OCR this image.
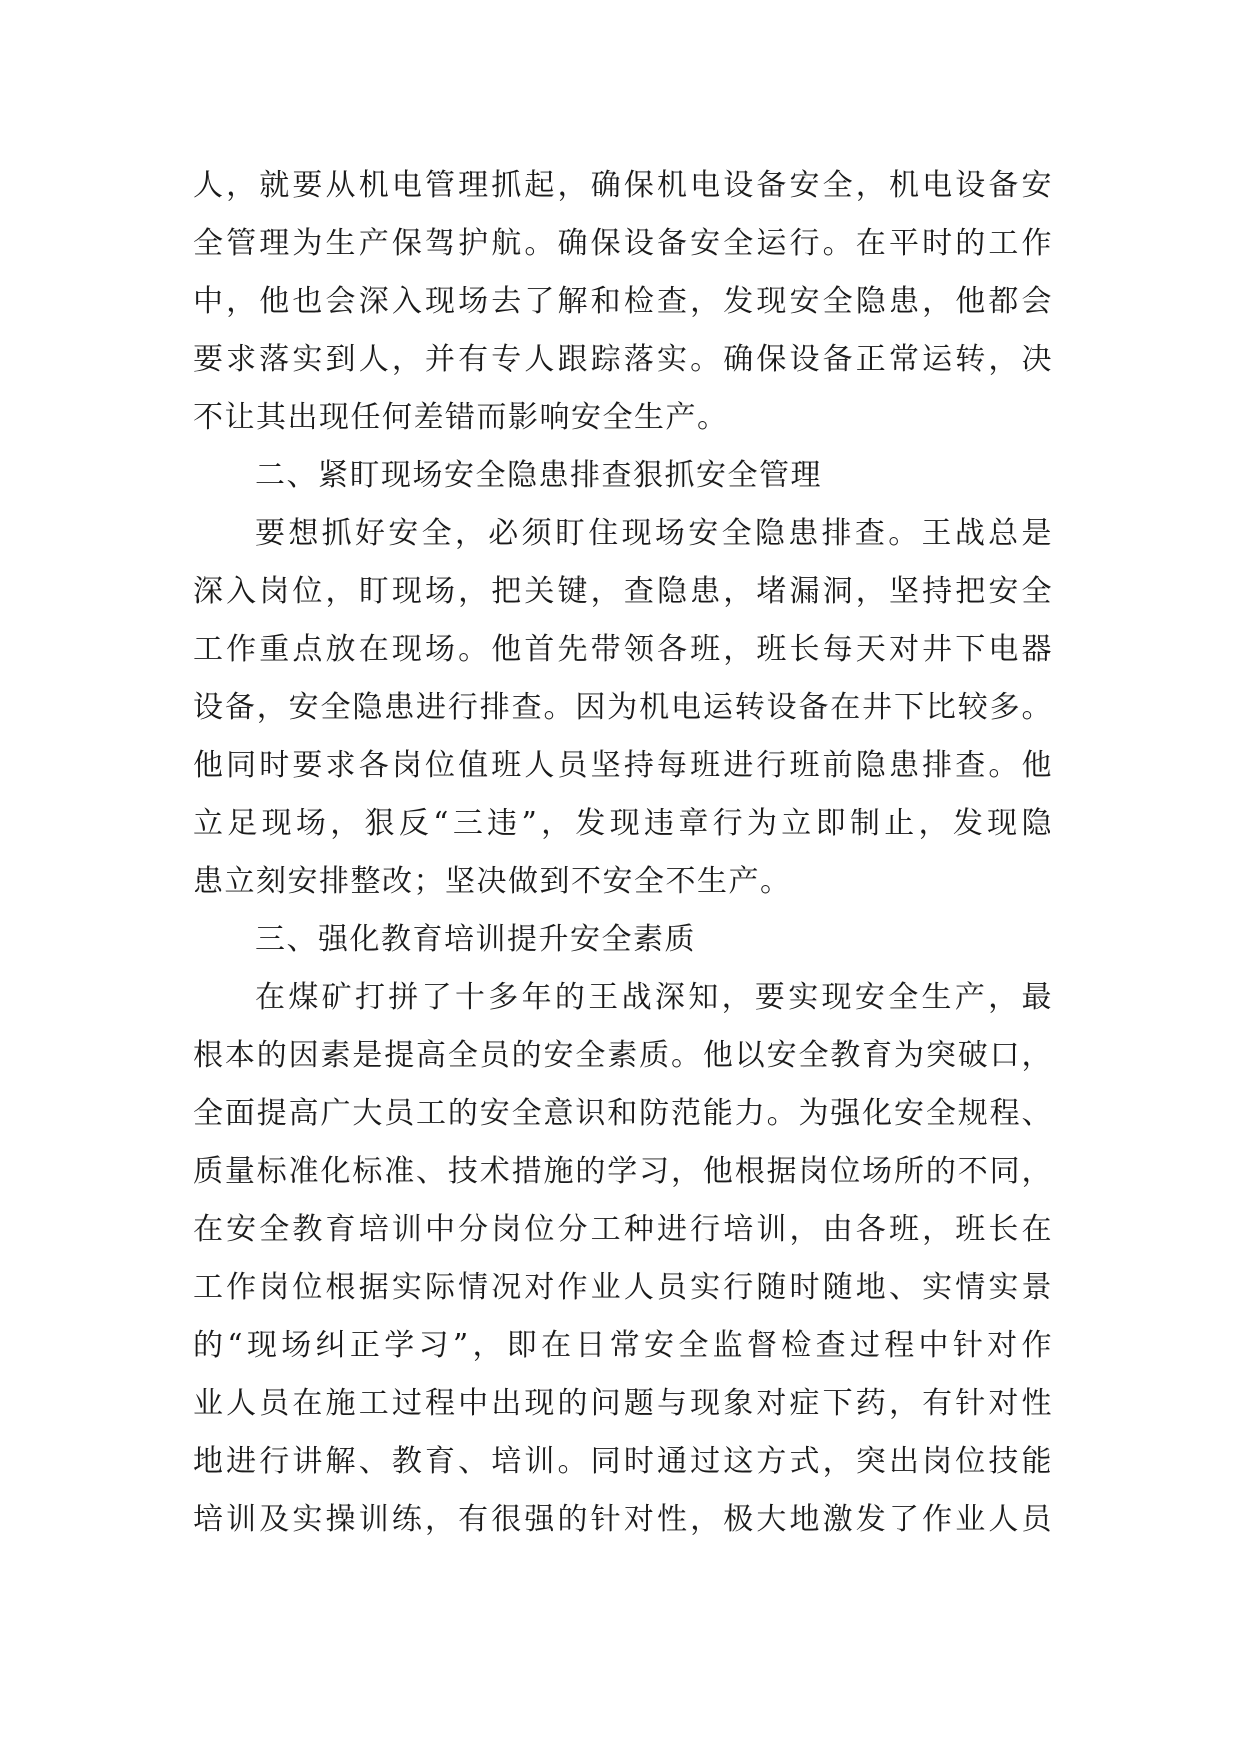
人，就要从机电管理抓起，确保机电设备安全，机电设备安
全管理为生产保驾护航。确保设备安全运行。在平时的工作
中，他也会深入现场去了解和检查，发现安全隐患，他都会
要求落实到人，并有专人跟踪落实。确保设备正常运转，决
不让其出现任何差错而影响安全生产。
二、紧盯现场安全隐患排查狠抓安全管理
要想抓好安全，必须盯住现场安全隐患排查。王战总是
深入岗位，盯现场，把关键，查隐患，堵漏洞，坚持把安全
工作重点放在现场。他首先带领各班，班长每天对井下电器
设备，安全隐患进行排查。因为机电运转设备在井下比较多。
他同时要求各岗位值班人员坚持每班进行班前隐患排查。他
立足现场，狠反“三违”，发现违章行为立即制止，发现隐
患立刻安排整改；坚决做到不安全不生产。
三、强化教育培训提升安全素质
在煤矿打拼了十多年的王战深知，要实现安全生产，最
根本的因素是提高全员的安全素质。他以安全教育为突破口，
全面提高广大员工的安全意识和防范能力。为强化安全规程、
质量标准化标准、技术措施的学习，他根据岗位场所的不同，
在安全教育培训中分岗位分工种进行培训，由各班，班长在
工作岗位根据实际情况对作业人员实行随时随地、实情实景
的“现场纠正学习”，即在日常安全监督检查过程中针对作
业人员在施工过程中出现的问题与现象对症下药，有针对性
地进行讲解、教育、培训。同时通过这方式，突出岗位技能
培训及实操训练，有很强的针对性，极大地激发了作业人员
